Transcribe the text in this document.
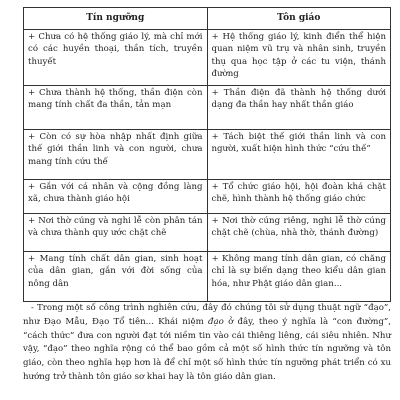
Tín ngưỡng	Tôn giáo
+ Chưa có hệ thống giáo lý, mà chỉ mới có các huyền thoại, thần tích, truyền thuyết	+ Hệ thống giáo lý, kinh điển thể hiện quan niệm vũ trụ và nhân sinh, truyền thụ qua học tập ở các tu viện, thánh đường
+ Chưa thành hệ thống, thần điện còn mang tính chất đa thần, tản mạn	+ Thần điện đã thành hệ thống dưới dạng đa thần hay nhất thần giáo
+ Còn có sự hòa nhập nhất định giữa thế giới thần linh và con người, chưa mang tính cứu thế	+ Tách biệt thế giới thần linh và con người, xuất hiện hình thức “cứu thế”
+ Gắn với cá nhân và cộng đồng làng xã, chưa thành giáo hội	+ Tổ chức giáo hội, hội đoàn khá chặt chẽ, hình thành hệ thống giáo chức
+ Nơi thờ cúng và nghi lễ còn phân tán và chưa thành quy ước chặt chẽ	+ Nơi thờ cúng riêng, nghi lễ thờ cúng chặt chẽ (chùa, nhà thờ, thánh đường)
+ Mang tính chất dân gian, sinh hoạt của dân gian, gắn với đời sống của nông dân	+ Không mang tính dân gian, có chăng chỉ là sự biến dạng theo kiểu dân gian hóa, như Phật giáo dân gian...

- Trong một số công trình nghiên cứu, đây đó chúng tôi sử dụng thuật ngữ “đạo”, như Đạo Mẫu, Đạo Tổ tiên... Khái niệm đạo ở đây, theo ý nghĩa là “con đường”, “cách thức” đưa con người đạt tới niềm tin vào cái thiêng liêng, cái siêu nhiên. Như vậy, “đạo” theo nghĩa rộng có thể bao gồm cả một số hình thức tín ngưỡng và tôn giáo, còn theo nghĩa hẹp hơn là để chỉ một số hình thức tín ngưỡng phát triển có xu hướng trở thành tôn giáo sơ khai hay là tôn giáo dân gian.
